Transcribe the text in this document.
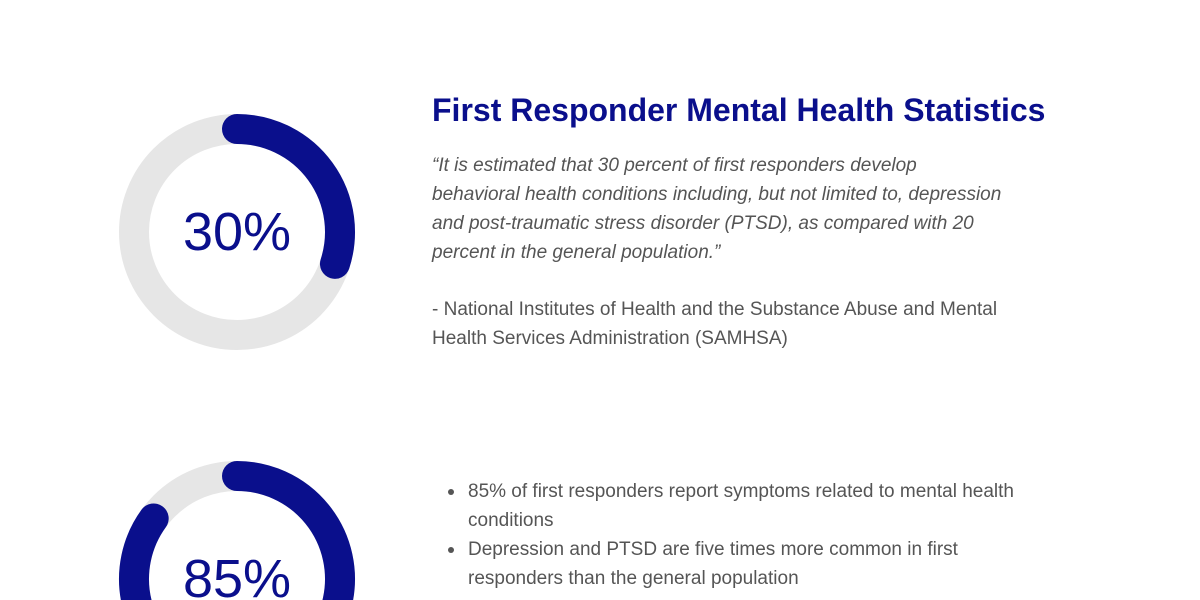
30%
85%
First Responder Mental Health Statistics

“It is estimated that 30 percent of first responders develop
behavioral health conditions including, but not limited to, depression
and post-traumatic stress disorder (PTSD), as compared with 20
percent in the general population.”

- National Institutes of Health and the Substance Abuse and Mental
Health Services Administration (SAMHSA)

85% of first responders report symptoms related to mental health
conditions
Depression and PTSD are five times more common in first
responders than the general population
